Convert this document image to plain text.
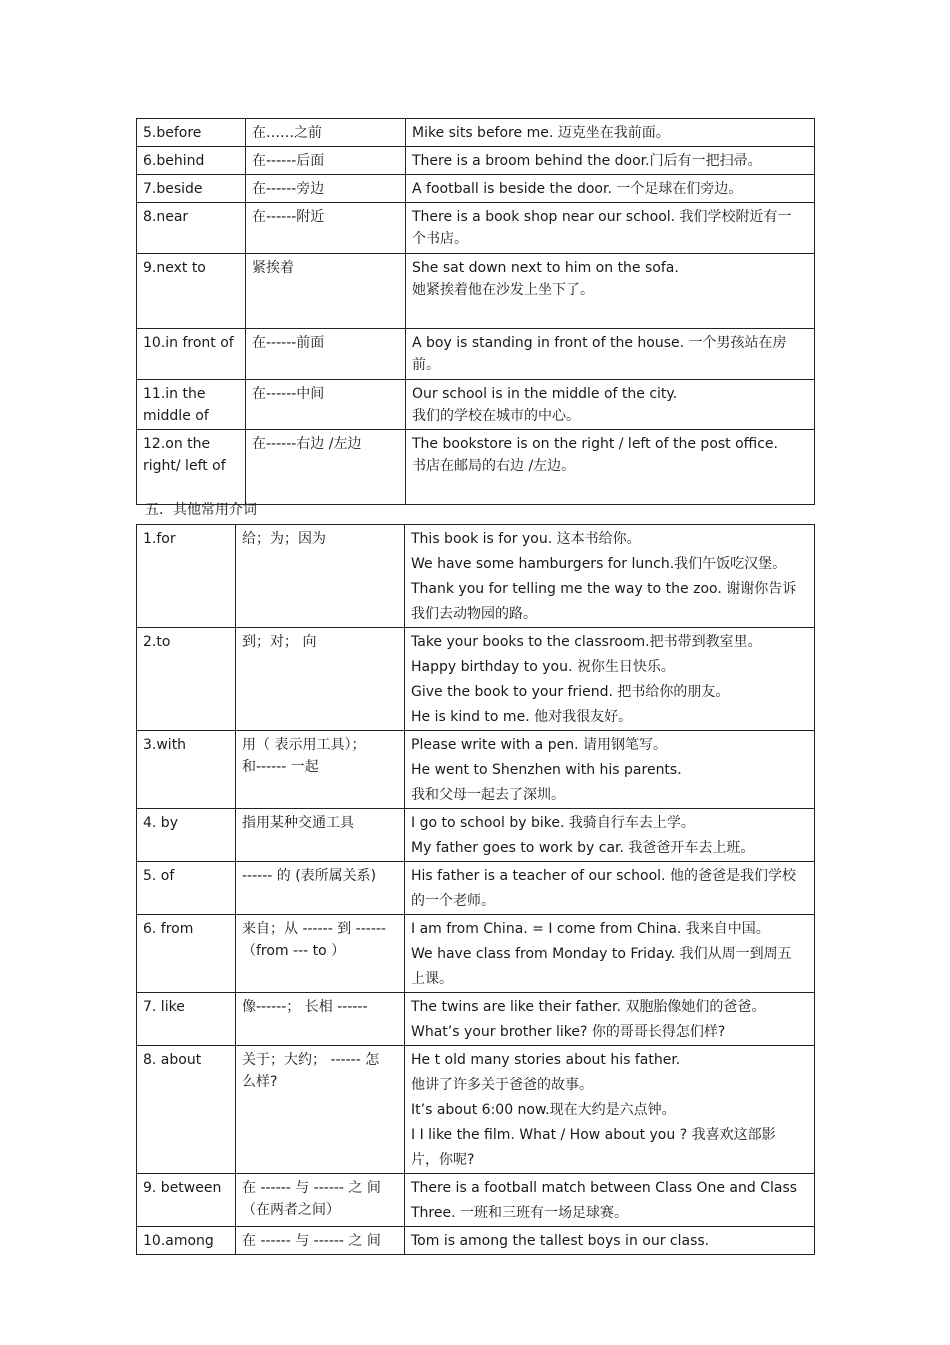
5.before	在……之前	Mike sits before me. 迈克坐在我前面。

6.behind	在------后面	There is a broom behind the door.门后有一把扫帚。

7.beside	在------旁边	A football is beside the door. 一个足球在们旁边。

8.near	在------附近	There is a book shop near our school. 我们学校附近有一
个书店。

9.next to	紧挨着	She sat down next to him on the sofa.
她紧挨着他在沙发上坐下了。

10.in front of	在------前面	A boy is standing in front of the house. 一个男孩站在房
前。

11.in the
middle of	在------中间	Our school is in the middle of the city.
我们的学校在城市的中心。

12.on the
right/ left of	在------右边 /左边	The bookstore is on the right / left of the post office.
书店在邮局的右边 /左边。
五．其他常用介词
1.for	给；为；因为	This book is for you. 这本书给你。
We have some hamburgers for lunch.我们午饭吃汉堡。
Thank you for telling me the way to the zoo. 谢谢你告诉
我们去动物园的路。

2.to	到；对； 向	Take your books to the classroom.把书带到教室里。
Happy birthday to you. 祝你生日快乐。
Give the book to your friend. 把书给你的朋友。
He is kind to me. 他对我很友好。

3.with	用（ 表示用工具）；
和------ 一起	Please write with a pen. 请用钢笔写。
He went to Shenzhen with his parents.
我和父母一起去了深圳。

4. by	指用某种交通工具	I go to school by bike. 我骑自行车去上学。
My father goes to work by car. 我爸爸开车去上班。

5. of	------ 的 (表所属关系)	His father is a teacher of our school. 他的爸爸是我们学校
的一个老师。

6. from	来自；从 ------ 到 ------
（from --- to ）	I am from China. = I come from China. 我来自中国。
We have class from Monday to Friday. 我们从周一到周五
上课。

7. like	像------； 长相 ------	The twins are like their father. 双胞胎像她们的爸爸。
What’s your brother like? 你的哥哥长得怎们样?

8. about	关于；大约； ------ 怎
么样?	He t old many stories about his father.
他讲了许多关于爸爸的故事。
It’s about 6:00 now.现在大约是六点钟。
I I like the film. What / How about you ? 我喜欢这部影
片，你呢?

9. between	在 ------ 与 ------ 之 间
（在两者之间）	There is a football match between Class One and Class
Three. 一班和三班有一场足球赛。

10.among	在 ------ 与 ------ 之 间	Tom is among the tallest boys in our class.
